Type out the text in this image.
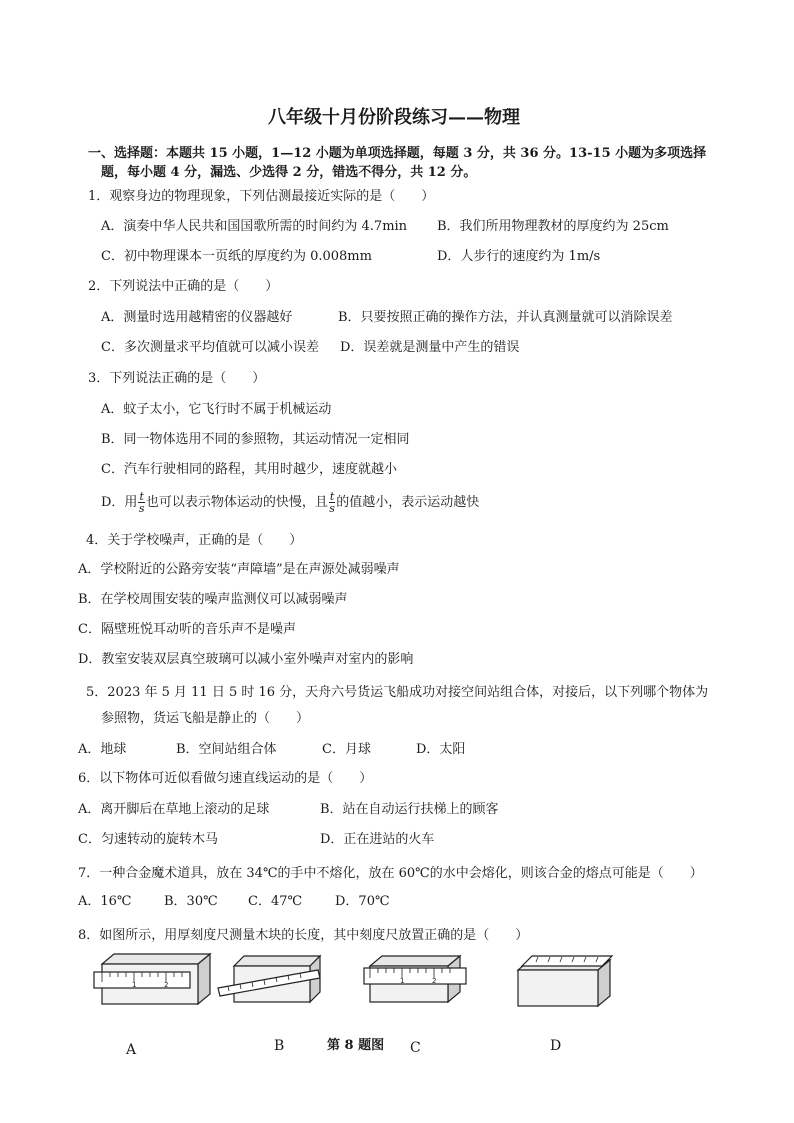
八年级十月份阶段练习——物理
一、选择题：本题共 15 小题，1—12 小题为单项选择题，每题 3 分，共 36 分。13-15 小题为多项选择
题，每小题 4 分，漏选、少选得 2 分，错选不得分，共 12 分。
1．观察身边的物理现象，下列估测最接近实际的是（　　）
A．演奏中华人民共和国国歌所需的时间约为 4.7min B．我们所用物理教材的厚度约为 25cm
C．初中物理课本一页纸的厚度约为 0.008mm	D．人步行的速度约为 1m/s
2．下列说法中正确的是（　　）
A．测量时选用越精密的仪器越好	B．只要按照正确的操作方法，并认真测量就可以消除误差
C．多次测量求平均值就可以减小误差 D．误差就是测量中产生的错误
3．下列说法正确的是（　　）
A．蚊子太小，它飞行时不属于机械运动
B．同一物体选用不同的参照物，其运动情况一定相同
C．汽车行驶相同的路程，其用时越少，速度就越小
D．用 $\frac{t}{s}$ 也可以表示物体运动的快慢，且 $\frac{t}{s}$ 的值越小，表示运动越快
4．关于学校噪声，正确的是（　　）
A．学校附近的公路旁安装“声障墙”是在声源处减弱噪声
B．在学校周围安装的噪声监测仪可以减弱噪声
C．隔壁班悦耳动听的音乐声不是噪声
D．教室安装双层真空玻璃可以减小室外噪声对室内的影响
5．2023 年 5 月 11 日 5 时 16 分，天舟六号货运飞船成功对接空间站组合体，对接后，以下列哪个物体为
参照物，货运飞船是静止的（　　）
A．地球	B．空间站组合体	C．月球	D．太阳
6．以下物体可近似看做匀速直线运动的是（　　）
A．离开脚后在草地上滚动的足球	B．站在自动运行扶梯上的顾客
C．匀速转动的旋转木马	D．正在进站的火车
7．一种合金魔术道具，放在 34℃的手中不熔化，放在 60℃的水中会熔化，则该合金的熔点可能是（　　）
A．16℃	B．30℃ C．47℃	D．70℃
8．如图所示，用厚刻度尺测量木块的长度，其中刻度尺放置正确的是（　　）
1	2	1	2
A	B	第 8 题图 C	D
